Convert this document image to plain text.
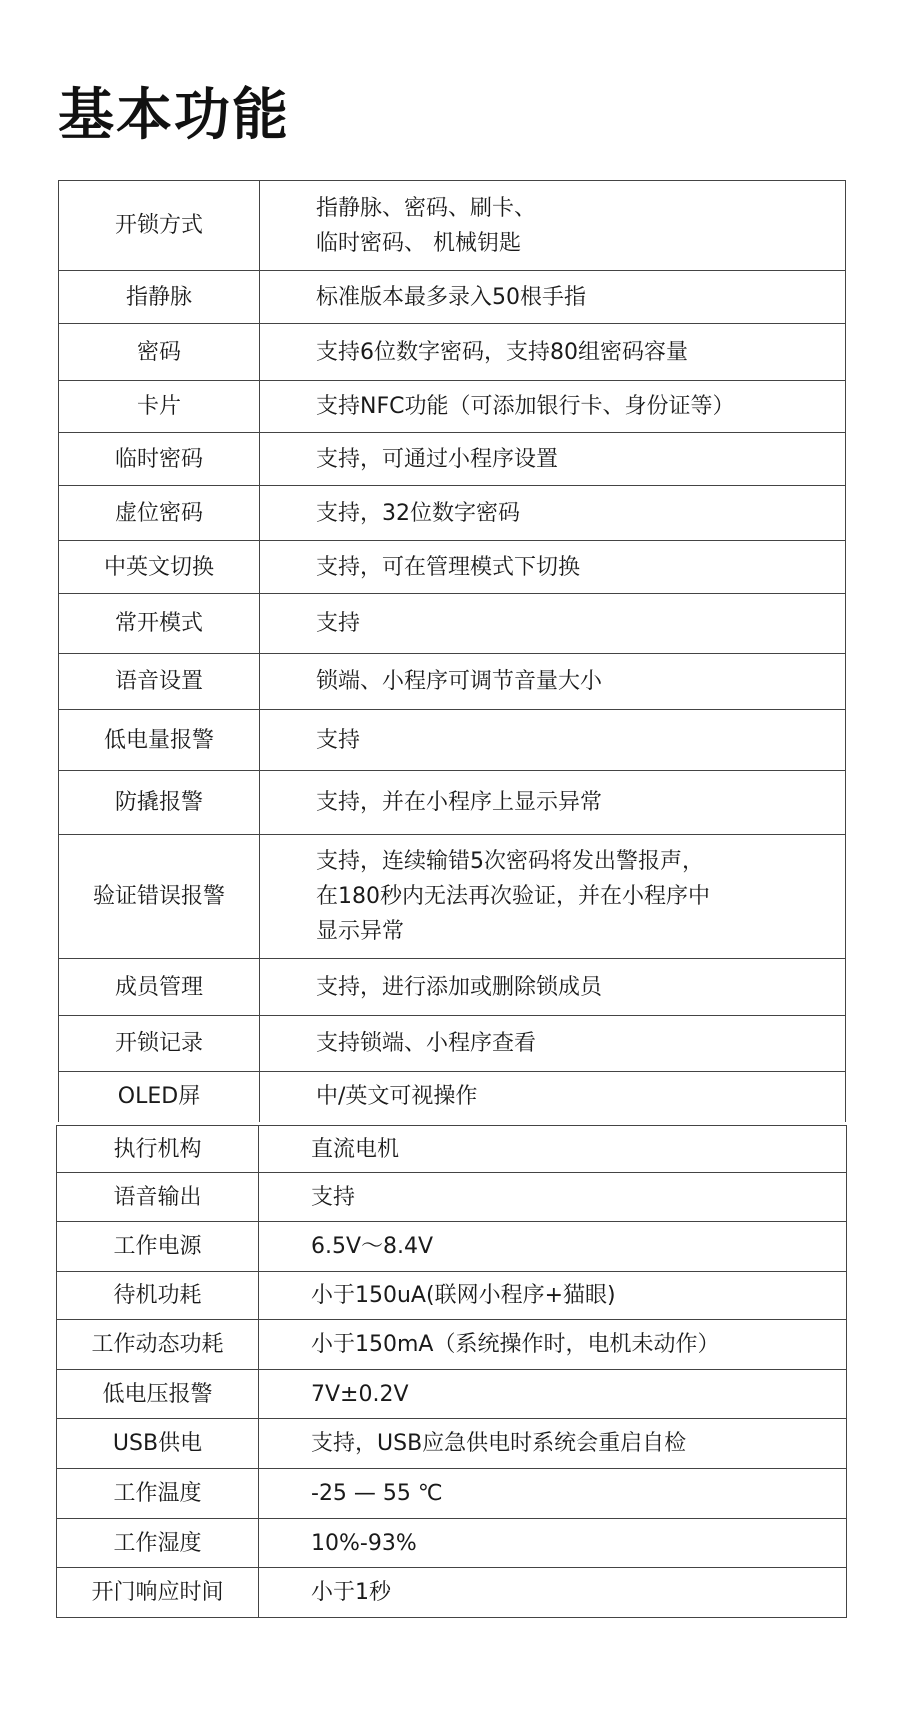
基本功能
开锁方式	指静脉、密码、刷卡、
临时密码、 机械钥匙

指静脉	标准版本最多录入50根手指
密码	支持6位数字密码，支持80组密码容量
卡片	支持NFC功能（可添加银行卡、身份证等）
临时密码	支持，可通过小程序设置
虚位密码	支持，32位数字密码
中英文切换	支持，可在管理模式下切换
常开模式	支持
语音设置	锁端、小程序可调节音量大小
低电量报警	支持
防撬报警	支持，并在小程序上显示异常
验证错误报警	支持，连续输错5次密码将发出警报声，
在180秒内无法再次验证，并在小程序中
显示异常

成员管理	支持，进行添加或删除锁成员
开锁记录	支持锁端、小程序查看
OLED屏	中/英文可视操作
执行机构	直流电机
语音输出	支持
工作电源	6.5V～8.4V
待机功耗	小于150uA(联网小程序+猫眼)
工作动态功耗	小于150mA（系统操作时，电机未动作）
低电压报警	7V±0.2V
USB供电	支持，USB应急供电时系统会重启自检
工作温度	-25 — 55 ℃
工作湿度	10%-93%
开门响应时间	小于1秒
